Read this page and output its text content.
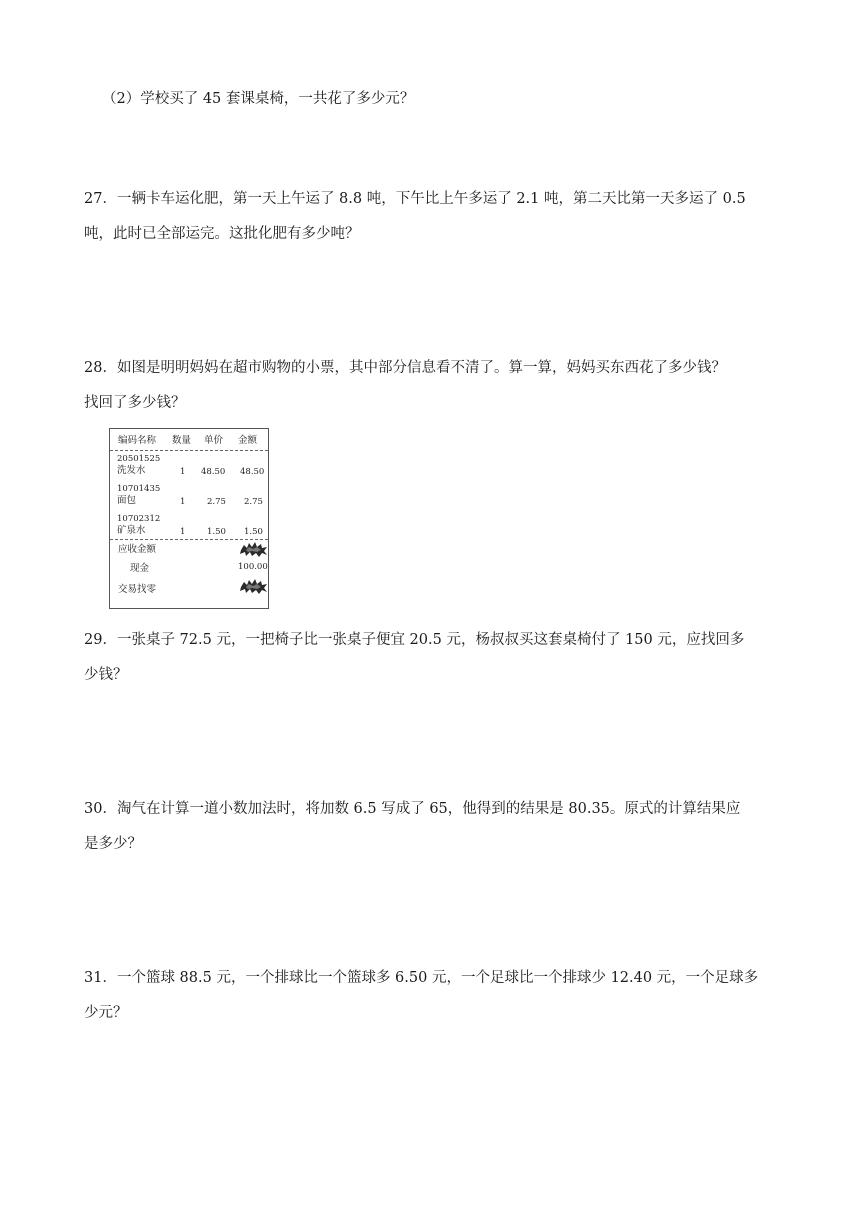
（2）学校买了 45 套课桌椅，一共花了多少元？
27．一辆卡车运化肥，第一天上午运了 8.8 吨，下午比上午多运了 2.1 吨，第二天比第一天多运了 0.5
吨，此时已全部运完。这批化肥有多少吨？
28．如图是明明妈妈在超市购物的小票，其中部分信息看不清了。算一算，妈妈买东西花了多少钱？
找回了多少钱？
编码名称 数量 单价 金额
20501525
洗发水	1 48.50 48.50
10701435
面包	1	2.75 2.75
10702312
矿泉水	1	1.50 1.50
应收金额
现金	100.00
交易找零
29．一张桌子 72.5 元，一把椅子比一张桌子便宜 20.5 元，杨叔叔买这套桌椅付了 150 元，应找回多
少钱？
30．淘气在计算一道小数加法时，将加数 6.5 写成了 65，他得到的结果是 80.35。原式的计算结果应
是多少？
31．一个篮球 88.5 元，一个排球比一个篮球多 6.50 元，一个足球比一个排球少 12.40 元，一个足球多
少元？
